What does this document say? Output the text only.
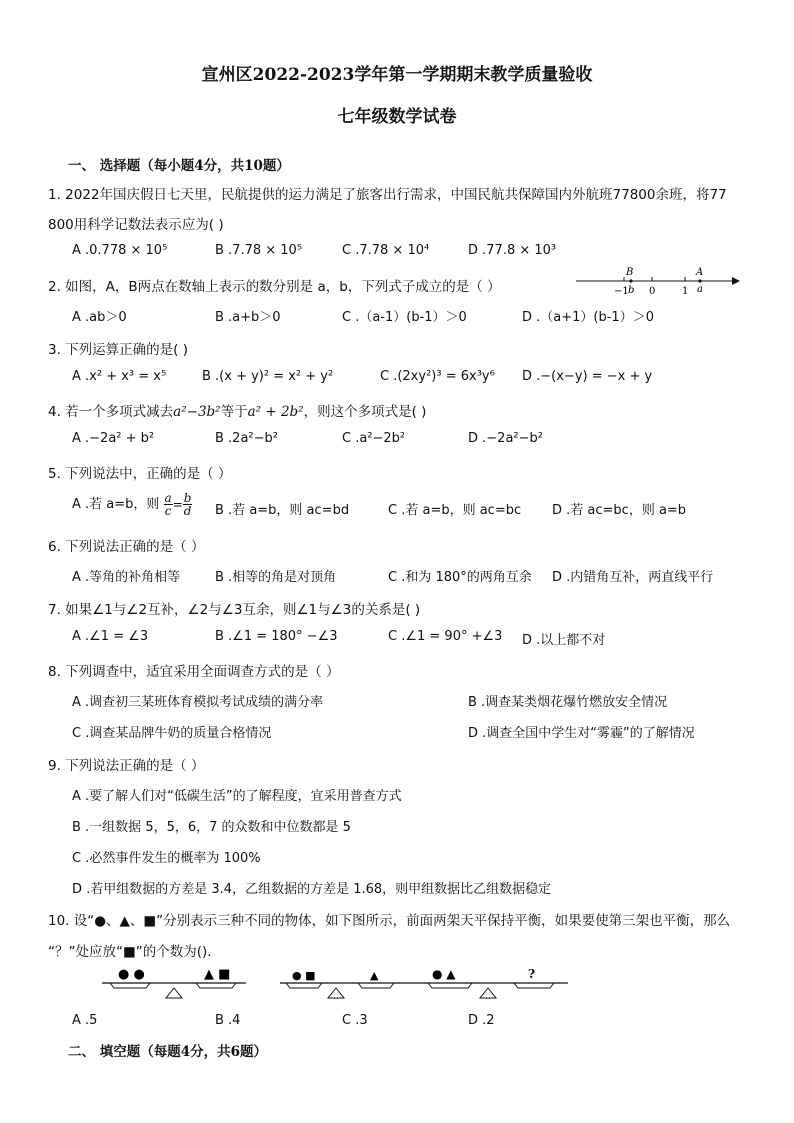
宣州区2022-2023学年第一学期期末教学质量验收
七年级数学试卷
一、 选择题（每小题4分，共10题）
1. 2022年国庆假日七天里，民航提供的运力满足了旅客出行需求，中国民航共保障国内外航班77800余班，将77
800用科学记数法表示应为( )
A .0.778 × 10⁵	B .7.78 × 10⁵	C .7.78 × 10⁴	D .77.8 × 10³
2. 如图，A，B两点在数轴上表示的数分别是 a，b，下列式子成立的是（ ）
B
b
−1 0	1
A
a
A .ab＞0	B .a+b＞0	C .（a-1）(b-1）＞0	D .（a+1）(b-1）＞0
3. 下列运算正确的是( )
A .x² + x³ = x⁵	B .(x + y)² = x² + y²	C .(2xy²)³ = 6x³y⁶ D .−(x−y) = −x + y
4. 若一个多项式减去a²−3b²等于a² + 2b²，则这个多项式是( )
A .−2a² + b²	B .2a²−b²	C .a²−2b²	D .−2a²−b²
5. 下列说法中，正确的是（ ）
A .若 a=b，则 $\frac{a}{c} = \frac{b}{d}$ B .若 a=b，则 ac=bd	C .若 a=b，则 ac=bc D .若 ac=bc，则 a=b
6. 下列说法正确的是（ ）
A .等角的补角相等	B .相等的角是对顶角	C .和为 180°的两角互余 D .内错角互补，两直线平行
7. 如果∠1与∠2互补，∠2与∠3互余，则∠1与∠3的关系是( )
A .∠1 = ∠3	B .∠1 = 180° −∠3	C .∠1 = 90° +∠3 D .以上都不对
8. 下列调查中，适宜采用全面调查方式的是（ ）
A .调查初三某班体育模拟考试成绩的满分率	B .调查某类烟花爆竹燃放安全情况
C .调查某品牌牛奶的质量合格情况	D .调查全国中学生对“雾霾”的了解情况
9. 下列说法正确的是（ ）
A .要了解人们对“低碳生活”的了解程度，宜采用普查方式
B .一组数据 5，5，6，7 的众数和中位数都是 5
C .必然事件发生的概率为 100%
D .若甲组数据的方差是 3.4，乙组数据的方差是 1.68，则甲组数据比乙组数据稳定
10. 设“●、▲、■”分别表示三种不同的物体，如下图所示，前面两架天平保持平衡，如果要使第三架也平衡，那么
“？”处应放“■”的个数为().
● ●	▲ ■	● ■	▲	● ▲	?
A .5	B .4	C .3	D .2
二、 填空题（每题4分，共6题）
